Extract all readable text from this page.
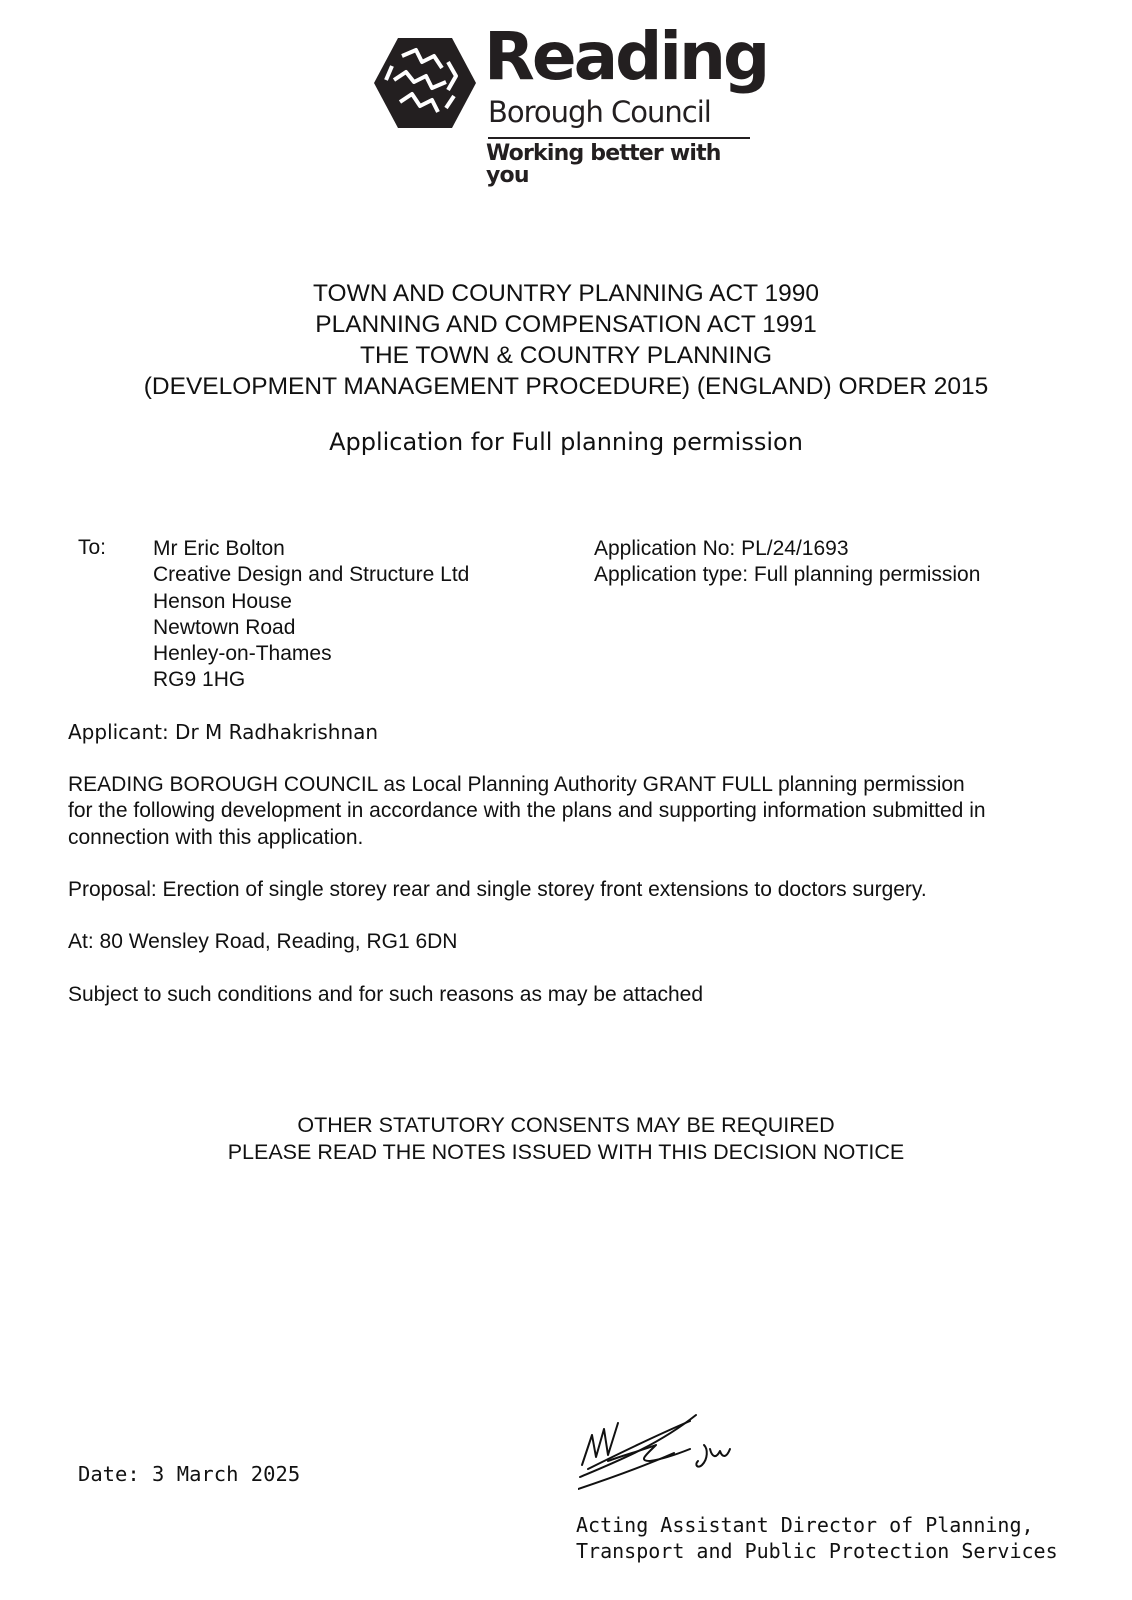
Reading
Borough Council
Working better with you
TOWN AND COUNTRY PLANNING ACT 1990
PLANNING AND COMPENSATION ACT 1991
THE TOWN & COUNTRY PLANNING
(DEVELOPMENT MANAGEMENT PROCEDURE) (ENGLAND) ORDER 2015
Application for Full planning permission
To: Mr Eric Bolton
Creative Design and Structure Ltd
Henson House
Newtown Road
Henley-on-Thames
RG9 1HG
Application No: PL/24/1693
Application type: Full planning permission
Applicant: Dr M Radhakrishnan
READING BOROUGH COUNCIL as Local Planning Authority GRANT FULL planning permission
for the following development in accordance with the plans and supporting information submitted in
connection with this application.
Proposal: Erection of single storey rear and single storey front extensions to doctors surgery.
At: 80 Wensley Road, Reading, RG1 6DN
Subject to such conditions and for such reasons as may be attached
OTHER STATUTORY CONSENTS MAY BE REQUIRED
PLEASE READ THE NOTES ISSUED WITH THIS DECISION NOTICE
Date: 3 March 2025
Acting Assistant Director of Planning,
Transport and Public Protection Services
